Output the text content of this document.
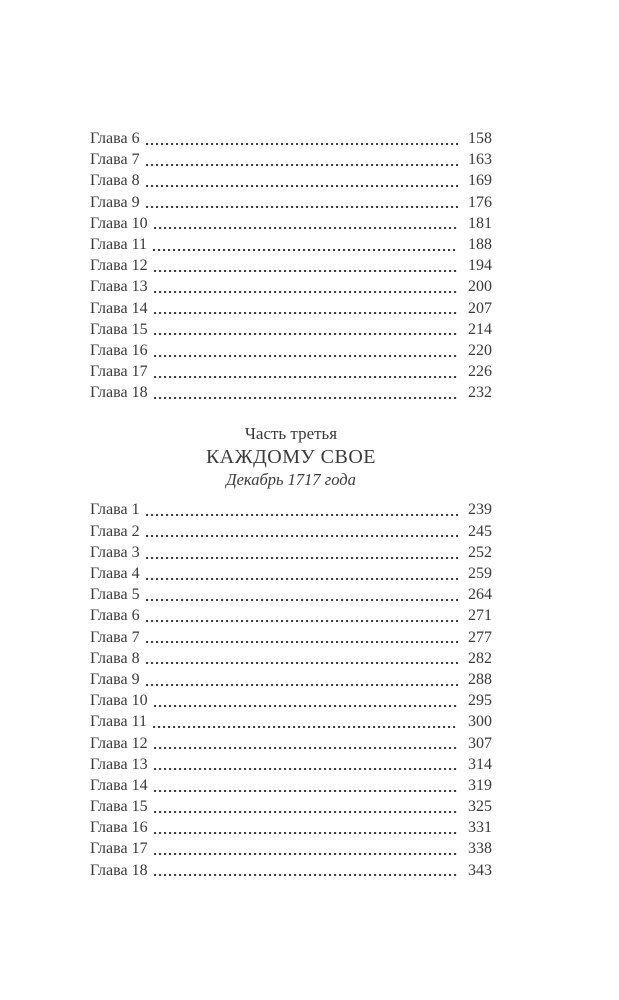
Глава 6	158
Глава 7	163
Глава 8	169
Глава 9	176
Глава 10	181
Глава 11	188
Глава 12	194
Глава 13	200
Глава 14	207
Глава 15	214
Глава 16	220
Глава 17	226
Глава 18	232
Часть третья
КАЖДОМУ СВОЕ
Декабрь 1717 года
Глава 1	239
Глава 2	245
Глава 3	252
Глава 4	259
Глава 5	264
Глава 6	271
Глава 7	277
Глава 8	282
Глава 9	288
Глава 10	295
Глава 11	300
Глава 12	307
Глава 13	314
Глава 14	319
Глава 15	325
Глава 16	331
Глава 17	338
Глава 18	343
